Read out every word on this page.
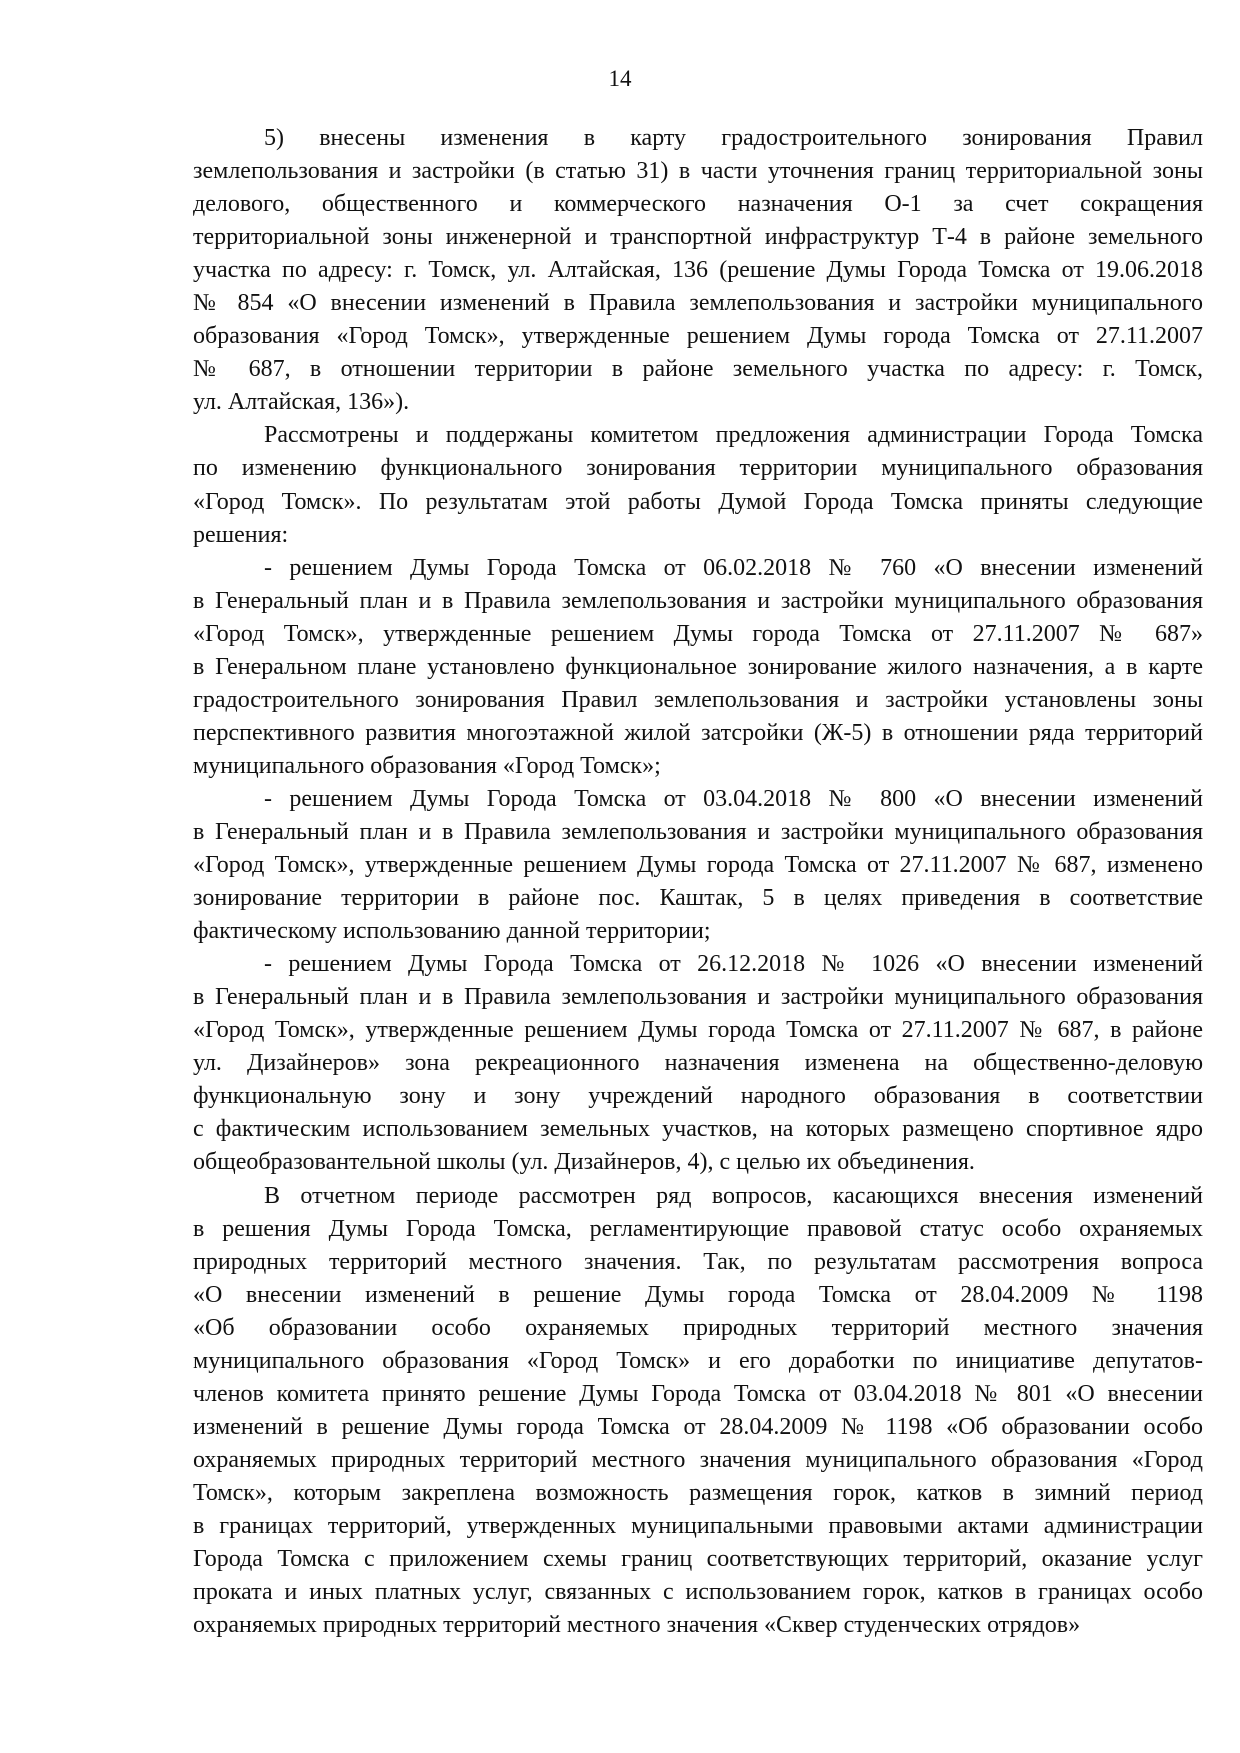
14
5) внесены изменения в карту градостроительного зонирования Правил
землепользования и застройки (в статью 31) в части уточнения границ территориальной зоны
делового, общественного и коммерческого назначения О-1 за счет сокращения
территориальной зоны инженерной и транспортной инфраструктур Т-4 в районе земельного
участка по адресу: г. Томск, ул. Алтайская, 136 (решение Думы Города Томска от 19.06.2018
№ 854 «О внесении изменений в Правила землепользования и застройки муниципального
образования «Город Томск», утвержденные решением Думы города Томска от 27.11.2007
№ 687, в отношении территории в районе земельного участка по адресу: г. Томск,
ул. Алтайская, 136»).
Рассмотрены и поддержаны комитетом предложения администрации Города Томска
по изменению функционального зонирования территории муниципального образования
«Город Томск». По результатам этой работы Думой Города Томска приняты следующие
решения:
- решением Думы Города Томска от 06.02.2018 № 760 «О внесении изменений
в Генеральный план и в Правила землепользования и застройки муниципального образования
«Город Томск», утвержденные решением Думы города Томска от 27.11.2007 № 687»
в Генеральном плане установлено функциональное зонирование жилого назначения, а в карте
градостроительного зонирования Правил землепользования и застройки установлены зоны
перспективного развития многоэтажной жилой затсройки (Ж-5) в отношении ряда территорий
муниципального образования «Город Томск»;
- решением Думы Города Томска от 03.04.2018 № 800 «О внесении изменений
в Генеральный план и в Правила землепользования и застройки муниципального образования
«Город Томск», утвержденные решением Думы города Томска от 27.11.2007 № 687, изменено
зонирование территории в районе пос. Каштак, 5 в целях приведения в соответствие
фактическому использованию данной территории;
- решением Думы Города Томска от 26.12.2018 № 1026 «О внесении изменений
в Генеральный план и в Правила землепользования и застройки муниципального образования
«Город Томск», утвержденные решением Думы города Томска от 27.11.2007 № 687, в районе
ул. Дизайнеров» зона рекреационного назначения изменена на общественно-деловую
функциональную зону и зону учреждений народного образования в соответствии
с фактическим использованием земельных участков, на которых размещено спортивное ядро
общеобразовантельной школы (ул. Дизайнеров, 4), с целью их объединения.
В отчетном периоде рассмотрен ряд вопросов, касающихся внесения изменений
в решения Думы Города Томска, регламентирующие правовой статус особо охраняемых
природных территорий местного значения. Так, по результатам рассмотрения вопроса
«О внесении изменений в решение Думы города Томска от 28.04.2009 № 1198
«Об образовании особо охраняемых природных территорий местного значения
муниципального образования «Город Томск» и его доработки по инициативе депутатов-
членов комитета принято решение Думы Города Томска от 03.04.2018 № 801 «О внесении
изменений в решение Думы города Томска от 28.04.2009 № 1198 «Об образовании особо
охраняемых природных территорий местного значения муниципального образования «Город
Томск», которым закреплена возможность размещения горок, катков в зимний период
в границах территорий, утвержденных муниципальными правовыми актами администрации
Города Томска с приложением схемы границ соответствующих территорий, оказание услуг
проката и иных платных услуг, связанных с использованием горок, катков в границах особо
охраняемых природных территорий местного значения «Сквер студенческих отрядов»
